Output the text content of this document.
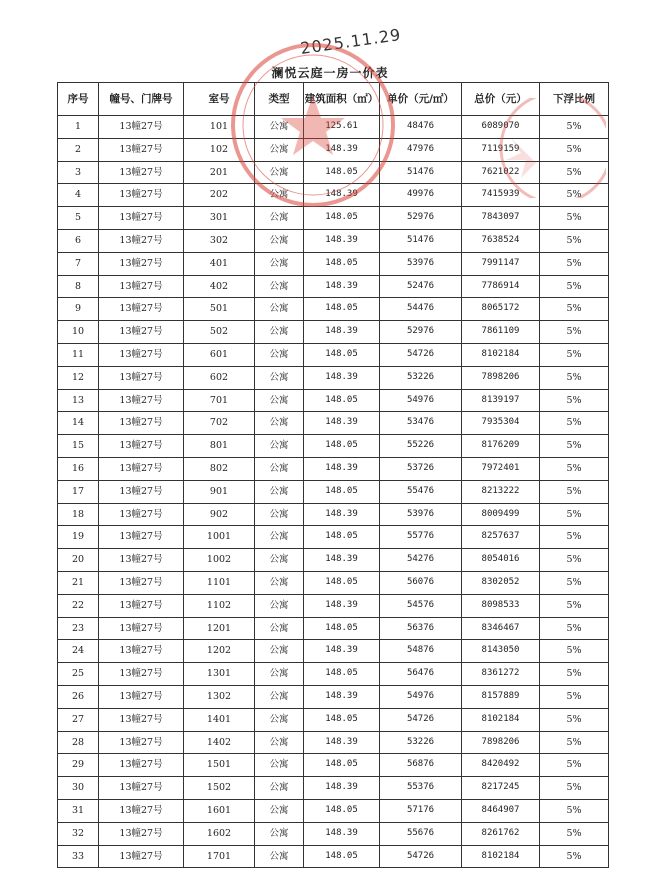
2025.11.29
澜悦云庭一房一价表
序号	幢号、门牌号	室号	类型	建筑面积（㎡）	单价（元/㎡）	总价（元）	下浮比例
1	13幢27号	101	公寓	125.61	48476	6089070	5%
2	13幢27号	102	公寓	148.39	47976	7119159	5%
3	13幢27号	201	公寓	148.05	51476	7621022	5%
4	13幢27号	202	公寓	148.39	49976	7415939	5%
5	13幢27号	301	公寓	148.05	52976	7843097	5%
6	13幢27号	302	公寓	148.39	51476	7638524	5%
7	13幢27号	401	公寓	148.05	53976	7991147	5%
8	13幢27号	402	公寓	148.39	52476	7786914	5%
9	13幢27号	501	公寓	148.05	54476	8065172	5%
10	13幢27号	502	公寓	148.39	52976	7861109	5%
11	13幢27号	601	公寓	148.05	54726	8102184	5%
12	13幢27号	602	公寓	148.39	53226	7898206	5%
13	13幢27号	701	公寓	148.05	54976	8139197	5%
14	13幢27号	702	公寓	148.39	53476	7935304	5%
15	13幢27号	801	公寓	148.05	55226	8176209	5%
16	13幢27号	802	公寓	148.39	53726	7972401	5%
17	13幢27号	901	公寓	148.05	55476	8213222	5%
18	13幢27号	902	公寓	148.39	53976	8009499	5%
19	13幢27号	1001	公寓	148.05	55776	8257637	5%
20	13幢27号	1002	公寓	148.39	54276	8054016	5%
21	13幢27号	1101	公寓	148.05	56076	8302052	5%
22	13幢27号	1102	公寓	148.39	54576	8098533	5%
23	13幢27号	1201	公寓	148.05	56376	8346467	5%
24	13幢27号	1202	公寓	148.39	54876	8143050	5%
25	13幢27号	1301	公寓	148.05	56476	8361272	5%
26	13幢27号	1302	公寓	148.39	54976	8157889	5%
27	13幢27号	1401	公寓	148.05	54726	8102184	5%
28	13幢27号	1402	公寓	148.39	53226	7898206	5%
29	13幢27号	1501	公寓	148.05	56876	8420492	5%
30	13幢27号	1502	公寓	148.39	55376	8217245	5%
31	13幢27号	1601	公寓	148.05	57176	8464907	5%
32	13幢27号	1602	公寓	148.39	55676	8261762	5%
33	13幢27号	1701	公寓	148.05	54726	8102184	5%
